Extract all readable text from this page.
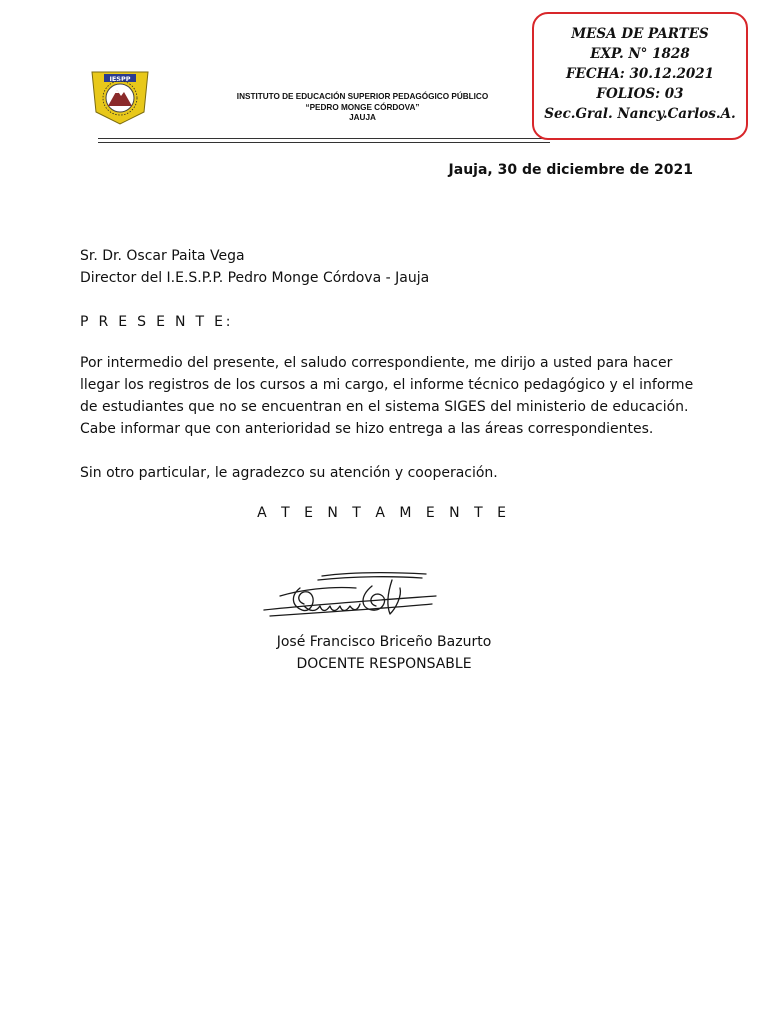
IESPP
INSTITUTO DE EDUCACIÓN SUPERIOR PEDAGÓGICO PÚBLICO
“PEDRO MONGE CÓRDOVA”
JAUJA
MESA DE PARTES
EXP. N° 1828
FECHA: 30.12.2021
FOLIOS: 03
Sec.Gral. Nancy.Carlos.A.
Jauja, 30 de diciembre de 2021
Sr. Dr. Oscar Paita Vega
Director del I.E.S.P.P. Pedro Monge Córdova - Jauja
P R E S E N T E:
Por intermedio del presente, el saludo correspondiente, me dirijo a usted para hacer
llegar los registros de los cursos a mi cargo, el informe técnico pedagógico y el informe
de estudiantes que no se encuentran en el sistema SIGES del ministerio de educación.
Cabe informar que con anterioridad se hizo entrega a las áreas correspondientes.
Sin otro particular, le agradezco su atención y cooperación.
A T E N T A M E N T E
José Francisco Briceño Bazurto
DOCENTE RESPONSABLE
